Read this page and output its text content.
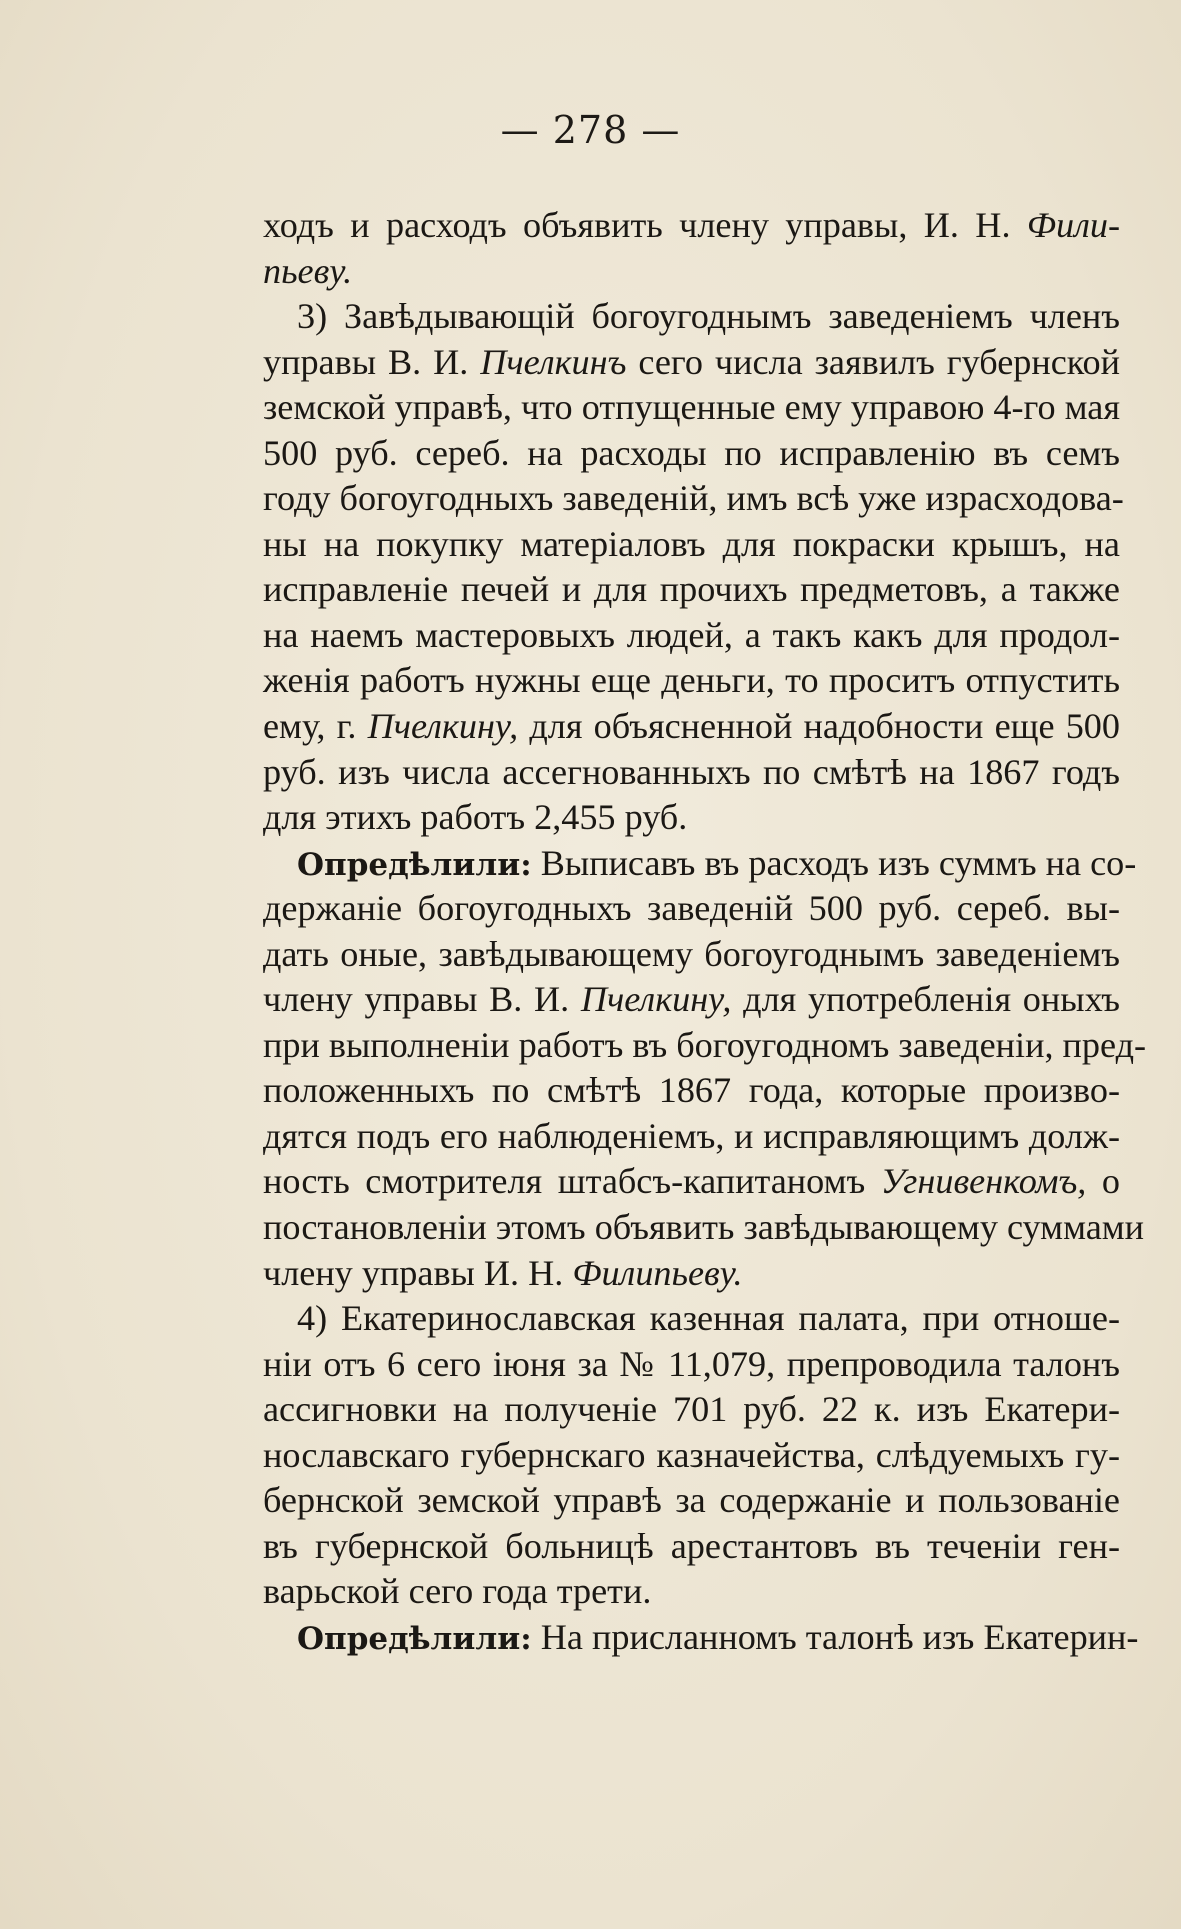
— 278 —
ходъ и расходъ объявить члену управы, И. Н. Фили-
пьеву.
3) Завѣдывающій богоугоднымъ заведеніемъ членъ
управы В. И. Пчелкинъ сего числа заявилъ губернской
земской управѣ, что отпущенные ему управою 4-го мая
500 руб. сереб. на расходы по исправленію въ семъ
году богоугодныхъ заведеній, имъ всѣ уже израсходова-
ны на покупку матеріаловъ для покраски крышъ, на
исправленіе печей и для прочихъ предметовъ, а также
на наемъ мастеровыхъ людей, а такъ какъ для продол-
женія работъ нужны еще деньги, то проситъ отпустить
ему, г. Пчелкину, для объясненной надобности еще 500
руб. изъ числа ассегнованныхъ по смѣтѣ на 1867 годъ
для этихъ работъ 2,455 руб.
Опредѣлили: Выписавъ въ расходъ изъ суммъ на со-
держаніе богоугодныхъ заведеній 500 руб. сереб. вы-
дать оные, завѣдывающему богоугоднымъ заведеніемъ
члену управы В. И. Пчелкину, для употребленія оныхъ
при выполненіи работъ въ богоугодномъ заведеніи, пред-
положенныхъ по смѣтѣ 1867 года, которые произво-
дятся подъ его наблюденіемъ, и исправляющимъ долж-
ность смотрителя штабсъ-капитаномъ Угнивенкомъ, о
постановленіи этомъ объявить завѣдывающему суммами
члену управы И. Н. Филипьеву.
4) Екатеринославская казенная палата, при отноше-
ніи отъ 6 сего іюня за № 11,079, препроводила талонъ
ассигновки на полученіе 701 руб. 22 к. изъ Екатери-
нославскаго губернскаго казначейства, слѣдуемыхъ гу-
бернской земской управѣ за содержаніе и пользованіе
въ губернской больницѣ арестантовъ въ теченіи ген-
варьской сего года трети.
Опредѣлили: На присланномъ талонѣ изъ Екатерин-
